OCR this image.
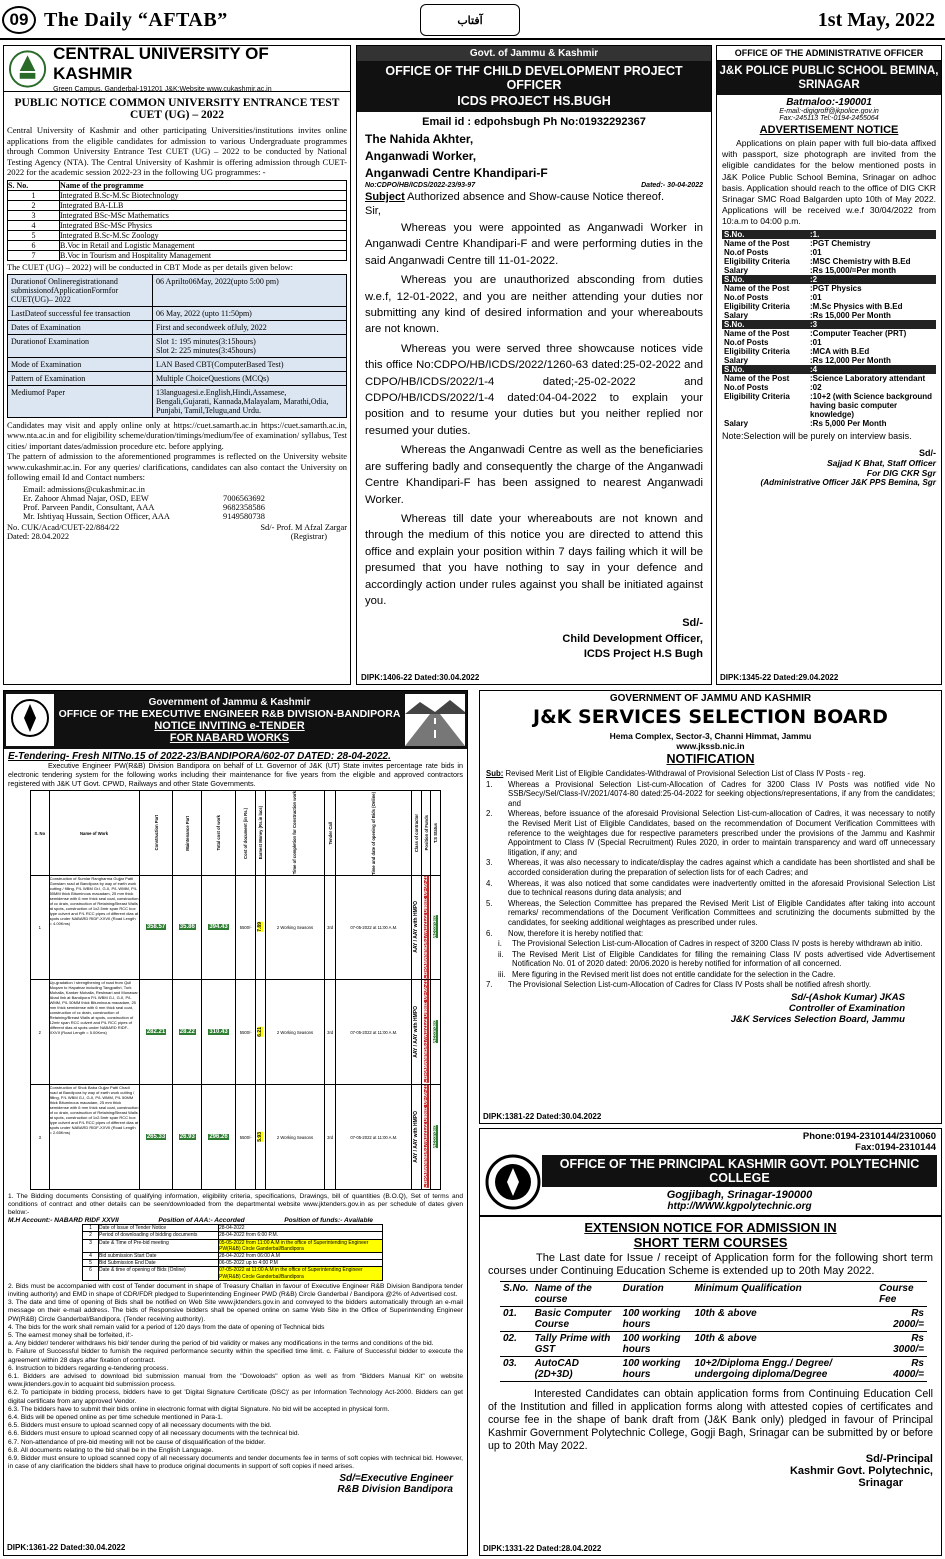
09 The Daily “AFTAB”	آفتاب	1st May, 2022
CENTRAL UNIVERSITY OF KASHMIR
Green Campus, Ganderbal-191201 J&K:Website www.cukashmir.ac.in
PUBLIC NOTICE COMMON UNIVERSITY ENTRANCE TEST
CUET (UG) – 2022
Central University of Kashmir and other participating Universities/institutions invites online applications from the eligible candidates for admission to various Undergraduate programmes through Common University Entrance Test CUET (UG) – 2022 to be conducted by National Testing Agency (NTA). The Central University of Kashmir is offering admission through CUET-2022 for the academic session 2022-23 in the following UG programmes: -
S. No.	Name of the programme
1	Integrated B.Sc-M.Sc Biotechnology
2	Integrated BA-LLB
3	Integrated BSc-MSc Mathematics
4	Integrated BSc-MSc Physics
5	Integrated B.Sc-M.Sc Zoology
6	B.Voc in Retail and Logistic Management
7	B.Voc in Tourism and Hospitality Management
The CUET (UG) – 2022) will be conducted in CBT Mode as per details given below:
Durationof Onlineregistrationand submissionofApplicationFormfor CUET(UG)– 2022	06 Apriltο06May, 2022(upto 5:00 pm)
LastDateof successful fee transaction	06 May, 2022 (upto 11:50pm)
Dates of Examination	First and secondweek ofJuly, 2022
Durationof Examination	Slot 1: 195 minutes(3:15hours)
Slot 2: 225 minutes(3:45hours)
Mode of Examination	LAN Based CBT(ComputerBased Test)
Pattern of Examination	Multiple ChoiceQuestions (MCQs)
Mediumof Paper	13languagesi.e.English,Hindi,Assamese, Bengali,Gujarati, Kannada,Malayalam, Marathi,Odia, Punjabi, Tamil,Telugu,and Urdu.
Candidates may visit and apply online only at https://cuet.samarth.ac.in https://cuet.samarth.ac.in, www.nta.ac.in and for eligibility scheme/duration/timings/medium/fee of examination/ syllabus, Test cities/ important dates/admission procedure etc. before applying.
The pattern of admission to the aforementioned programmes is reflected on the University website www.cukashmir.ac.in. For any queries/ clarifications, candidates can also contact the University on following email Id and Contact numbers:
Email: admissions@cukashmir.ac.in
Er. Zahoor Ahmad Najar, OSD, EEW	7006563692
Prof. Parveen Pandit, Consultant, AAA	9682358586
Mr. Ishtiyaq Hussain, Section Officer, AAA	9149580738
No. CUK/Acad/CUET-22/884/22	Sd/- Prof. M Afzal Zargar
Dated: 28.04.2022	(Registrar)
Govt. of Jammu & Kashmir
OFFICE OF THF CHILD DEVELOPMENT PROJECT OFFICER
ICDS PROJECT HS.BUGH
Email id : edpohsbugh Ph No:01932292367
The Nahida Akhter,
Anganwadi Worker,
Anganwadi Centre Khandipari-F
No:CDPO/HB/ICDS/2022-23/93-97	Dated:- 30-04-2022
Subject Authorized absence and Show-cause Notice thereof.
Sir,
Whereas you were appointed as Anganwadi Worker in Anganwadi Centre Khandipari-F and were performing duties in the said Anganwadi Centre till 11-01-2022.
Whereas you are unauthorized absconding from duties w.e.f, 12-01-2022, and you are neither attending your duties nor submitting any kind of desired information and your whereabouts are not known.
Whereas you were served three showcause notices vide this office No:CDPO/HB/ICDS/2022/1260-63 dated:25-02-2022 and CDPO/HB/ICDS/2022/1-4 dated;-25-02-2022 and CDPO/HB/ICDS/2022/1-4 dated:04-04-2022 to explain your position and to resume your duties but you neither replied nor resumed your duties.
Whereas the Anganwadi Centre as well as the beneficiaries are suffering badly and consequently the charge of the Anganwadi Centre Khandipari-F has been assigned to nearest Anganwadi Worker.
Whereas till date your whereabouts are not known and through the medium of this notice you are directed to attend this office and explain your position within 7 days failing which it will be presumed that you have nothing to say in your defence and accordingly action under rules against you shall be initiated against you.
Sd/-
Child Development Officer,
ICDS Project H.S Bugh
DIPK:1406-22 Dated:30.04.2022
OFFICE OF THE ADMINISTRATIVE OFFICER
J&K POLICE PUBLIC SCHOOL BEMINA, SRINAGAR
Batmaloo:-190001
E-mail:-digigroff@jkpolice.gov.in
Fax:-245113 Tel:-0194-2455064
ADVERTISEMENT NOTICE
Applications on plain paper with full bio-data affixed with passport, size photograph are invited from the eligible candidates for the below mentioned posts in J&K Police Public School Bemina, Srinagar on adhoc basis. Application should reach to the office of DIG CKR Srinagar SMC Road Balgarden upto 10th of May 2022. Applications will be received w.e.f 30/04/2022 from 10:a.m to 04:00 p.m.
S.No.	:1.
Name of the Post	:PGT Chemistry
No.of Posts	:01
Eligibility Criteria	:MSC Chemistry with B.Ed
Salary	:Rs 15,000/=Per month
S.No.	:2
Name of the Post	:PGT Physics
No.of Posts	:01
Eligibility Criteria	:M.Sc Physics with B.Ed
Salary	:Rs 15,000 Per Month
S.No.	:3
Name of the Post	:Computer Teacher (PRT)
No.of Posts	:01
Eligibility Criteria	:MCA with B.Ed
Salary	:Rs 12,000 Per Month
S.No.	:4
Name of the Post	:Science Laboratory attendant
No.of Posts	:02
Eligibility Criteria	:10+2 (with Science background having basic computer knowledge)
Salary	:Rs 5,000 Per Month
Note:Selection will be purely on interview basis.
Sd/-
Sajjad K Bhat, Staff Officer
For DIG CKR Sgr
(Administrative Officer J&K PPS Bemina, Sgr
DIPK:1345-22 Dated:29.04.2022
Government of Jammu & Kashmir
OFFICE OF THE EXECUTIVE ENGINEER R&B DIVISION-BANDIPORA
NOTICE INVITING e-TENDER
FOR NABARD WORKS
E-Tendering- Fresh NITNo.15 of 2022-23/BANDIPORA/602-07 DATED: 28-04-2022.
Executive Engineer PW(R&B) Division Bandipora on behalf of Lt. Governor of J&K (UT) State invites percentage rate bids in electronic tendering system for the following works including their maintenance for five years from the eligible and approved contractors registered with J&K UT Govt. CPWD, Railways and other State Governments.
S. No	Name of Work	Construction Part	Maintenance Part	Total cost of work	Cost of document (in Rs.)	Earnest Money (Rs.in lacs)	Time of completion for Construction work	Tender Call	Time and date of opening of Bids (Online)	Class of contractor	Position of Funds	T.S Status

1	Construction of Sumlar Rangharma Gujjar Patti Gorwiam road at Bandipora by way of earth work cutting / filling, P/L WBM Gr.I, G-II, P/L WMM, P/L 50MM thick Bituminous macadam, 25 mm thick semidense with 6 mm thick seal coat, construction of cc drain, construction of Retaining/Breast Walls at spots, construction of 1x2.5mtr span RCC box type culvert and P/L RCC pipes of different dias at spots under NABARD RIDF-XXVII (Road Length = 4.00Kms)	358.57	35.86	394.43	5500/-	7.89	2 Working Seasons	3rd	07-05-2022 at 11:00 A.M.	AAY / AAY with HMPO	CBRAMAN/NB/617/A1/2122 Dated: 09-09-21	Accorded
2	Up-gradation / strengthening of road from Qull Muqam to Hapatnar including Tangpathri, Turk Mohalla, Kanker Mohalla, Reshwari and Munawar Abad link at Bandipora P/L WBM G-I, G-II, P/L WMM, P/L 50MM thick Bituminous macadam, 25 mm thick semidense with 6 mm thick seal coat, construction of cc drain, construction of Retaining/Breast Walls at spots, construction of 12mtr span RCC culvert and P/L RCC pipes of different dias at spots under NABARD RIDF-XXVII (Road Length = 5.00Kms)	282.21	28.22	310.43	5500/-	6.21	2 Working Seasons	3rd	07-05-2022 at 11:00 A.M.	AAY / AAY with HMPO	CBRAMAN/NB/617/A1/2122 Dated: 09-09-21	Accorded
3	Construction of Shok Baba Gujjar Patti Chadi road at Bandipora by way of earth work cutting / filling, P/L WBM G-I, G-II, P/L WMM, P/L 50MM thick Bituminous macadam, 25 mm thick semidense with 6 mm thick seal coat, construction of cc drain, construction of Retaining/Breast Walls at spots, construction of 1x2.5mtr span RCC box type culvert and P/L RCC pipes of different dias at spots under NABARD RIDF-XXVII (Road Length = 2.65Kms)	265.33	26.93	296.26	5500/-	5.93	2 Working Seasons	3rd	07-05-2022 at 11:00 A.M.	AAY / AAY with HMPO	CBRAMAN/NB/617/A1/2122 Dated: 09-09-21	Accorded
1. The Bidding documents Consisting of qualifying information, eligibility criteria, specifications, Drawings, bill of quantities (B.O.Q), Set of terms and conditions of contract and other details can be seen/downloaded from the departmental website www.jktenders.gov.in as per schedule of dates given below:-
M.H Account:- NABARD RIDF XXVII	Position of AAA:- Accorded	Position of funds:- Available
1	Date of Issue of Tender Notice	28-04-2022
2	Period of downloading of bidding documents	28-04-2022 from 6:00 P.M.
3	Date & Time of Pre-bid meeting	05-05-2022 from 11:00 A.M in the office of Superintending Engineer PW(R&B) Circle Ganderbal/Bandipora
4	Bid submission Start Date	28-04-2022 from 06:00 A.M
5	Bid Submission End Date	06-05-2022 up to 4:00 P.M
6	Date & time of opening of Bids (Online)	07-05-2022 at 11:00 A.M in the office of Superintending Engineer PW(R&B) Circle Ganderbal/Bandipora
2. Bids must be accompanied with cost of Tender document in shape of Treasury Challan in favour of Executive Engineer R&B Division Bandipora tender inviting authority) and EMD in shape of CDR/FDR pledged to Superintending Engineer PWD (R&B) Circle Ganderbal / Bandipora @2% of Advertised cost.
3. The date and time of opening of Bids shall be notified on Web Site www.jktenders.gov.in and conveyed to the bidders automatically through an e-mail message on their e-mail address. The bids of Responsive bidders shall be opened online on same Web Site in the Office of Superintending Engineer PW(R&B) Circle Ganderbal/Bandipora. (Tender receiving authority).
4. The bids for the work shall remain valid for a period of 120 days from the date of opening of Technical bids
5. The earnest money shall be forfeited, if:-
a. Any bidder/ tenderer withdraws his bid/ tender during the period of bid validity or makes any modifications in the terms and conditions of the bid.
b. Failure of Successful bidder to furnish the required performance security within the specified time limit. c. Failure of Successful bidder to execute the agreement within 28 days after fixation of contract.
6. Instruction to bidders regarding e-tendering process.
6.1. Bidders are advised to download bid submission manual from the "Dowoloads" option as well as from "Bidders Manual Kit" on website www.jktenders.gov.in to acquaint bid submission process.
6.2. To participate in bidding process, bidders have to get 'Digital Signature Certificate (DSC)' as per Information Technology Act-2000. Bidders can get digital certificate from any approved Vendor.
6.3. The bidders have to submit their bids online in electronic format with digital Signature. No bid will be accepted in physical form.
6.4. Bids will be opened online as per time schedule mentioned in Para-1.
6.5. Bidders must ensure to upload scanned copy of all necessary documents with the bid.
6.6. Bidders must ensure to upload scanned copy of all necessary documents with the technical bid.
6.7. Non-attendance of pre-bid meeting will not be cause of disqualification of the bidder.
6.8. All documents relating to the bid shall be in the English Language.
6.9. Bidder must ensure to upload scanned copy of all necessary documents and tender documents fee in terms of soft copies with technical bid. However, in case of any clarification the bidders shall have to produce original documents in support of soft copies if need arises.
Sd/=Executive Engineer
R&B Division Bandipora
DIPK:1361-22 Dated:30.04.2022
GOVERNMENT OF JAMMU AND KASHMIR
J&K SERVICES SELECTION BOARD
Hema Complex, Sector-3, Channi Himmat, Jammu
www.jkssb.nic.in
NOTIFICATION
Sub: Revised Merit List of Eligible Candidates-Withdrawal of Provisional Selection List of Class IV Posts - reg.
1.	Whereas a Provisional Selection List-cum-Allocation of Cadres for 3200 Class IV Posts was notified vide No SSB/Secy/Sel/Class-IV/2021/4074-80 dated:25-04-2022 for seeking objections/representations, if any from the candidates; and
2.	Whereas, before issuance of the aforesaid Provisional Selection List-cum-allocation of Cadres, it was necessary to notify the Revised Merit List of Eligible Candidates, based on the recommendation of Document Verification Committees with reference to the weightages due for respective parameters prescribed under the provisions of the Jammu and Kashmir Appointment to Class IV (Special Recruitment) Rules 2020, in order to maintain transparency and ward off unnecessary litigation, if any; and
3.	Whereas, it was also necessary to indicate/display the cadres against which a candidate has been shortlisted and shall be accorded consideration during the preparation of selection lists for of each Cadres; and
4.	Whereas, it was also noticed that some candidates were inadvertently omitted in the aforesaid Provisional Selection List due to technical reasons during data analysis; and
5.	Whereas, the Selection Committee has prepared the Revised Merit List of Eligible Candidates after taking into account remarks/ recommendations of the Document Verification Committees and scrutinizing the documents submitted by the candidates, for seeking additional weightages as prescribed under rules.
6.	Now, therefore it is hereby notified that:
i.	The Provisional Selection List-cum-Allocation of Cadres in respect of 3200 Class IV posts is hereby withdrawn ab initio.
ii.	The Revised Merit List of Eligible Candidates for filling the remaining Class IV posts advertised vide Advertisement Notification No. 01 of 2020 dated: 20/06.2020 is hereby notified for information of all concerned.
iii. Mere figuring in the Revised merit list does not entitle candidate for the selection in the Cadre.
7.	The Provisional Selection List-cum-Allocation of Cadres for Class IV Posts shall be notified afresh shortly.
Sd/-(Ashok Kumar) JKAS
Controller of Examination
J&K Services Selection Board, Jammu
DIPK:1381-22 Dated:30.04.2022
Phone:0194-2310144/2310060
Fax:0194-2310144
OFFICE OF THE PRINCIPAL KASHMIR GOVT. POLYTECHNIC COLLEGE
Gogjibagh, Srinagar-190000
http://WWW.kgpolytechnic.org
EXTENSION NOTICE FOR ADMISSION IN
SHORT TERM COURSES
The Last date for Issue / receipt of Application form for the following short term courses under Continuing Education Scheme is extended up to 20th May 2022.
S.No.	Name of the course	Duration	Minimum Qualification	Course Fee
01.	Basic Computer Course	100 working hours	10th & above	Rs 2000/=
02.	Tally Prime with GST	100 working hours	10th & above	Rs 3000/=
03.	AutoCAD (2D+3D)	100 working hours	10+2/Diploma Engg./ Degree/ undergoing diploma/Degree	Rs 4000/=
Interested Candidates can obtain application forms from Continuing Education Cell of the Institution and filled in application forms along with attested copies of certificates and course fee in the shape of bank draft from (J&K Bank only) pledged in favour of Principal Kashmir Government Polytechnic College, Gogji Bagh, Srinagar can be submitted by or before up to 20th May 2022.
Sd/-Principal
Kashmir Govt. Polytechnic,
Srinagar
DIPK:1331-22 Dated:28.04.2022
